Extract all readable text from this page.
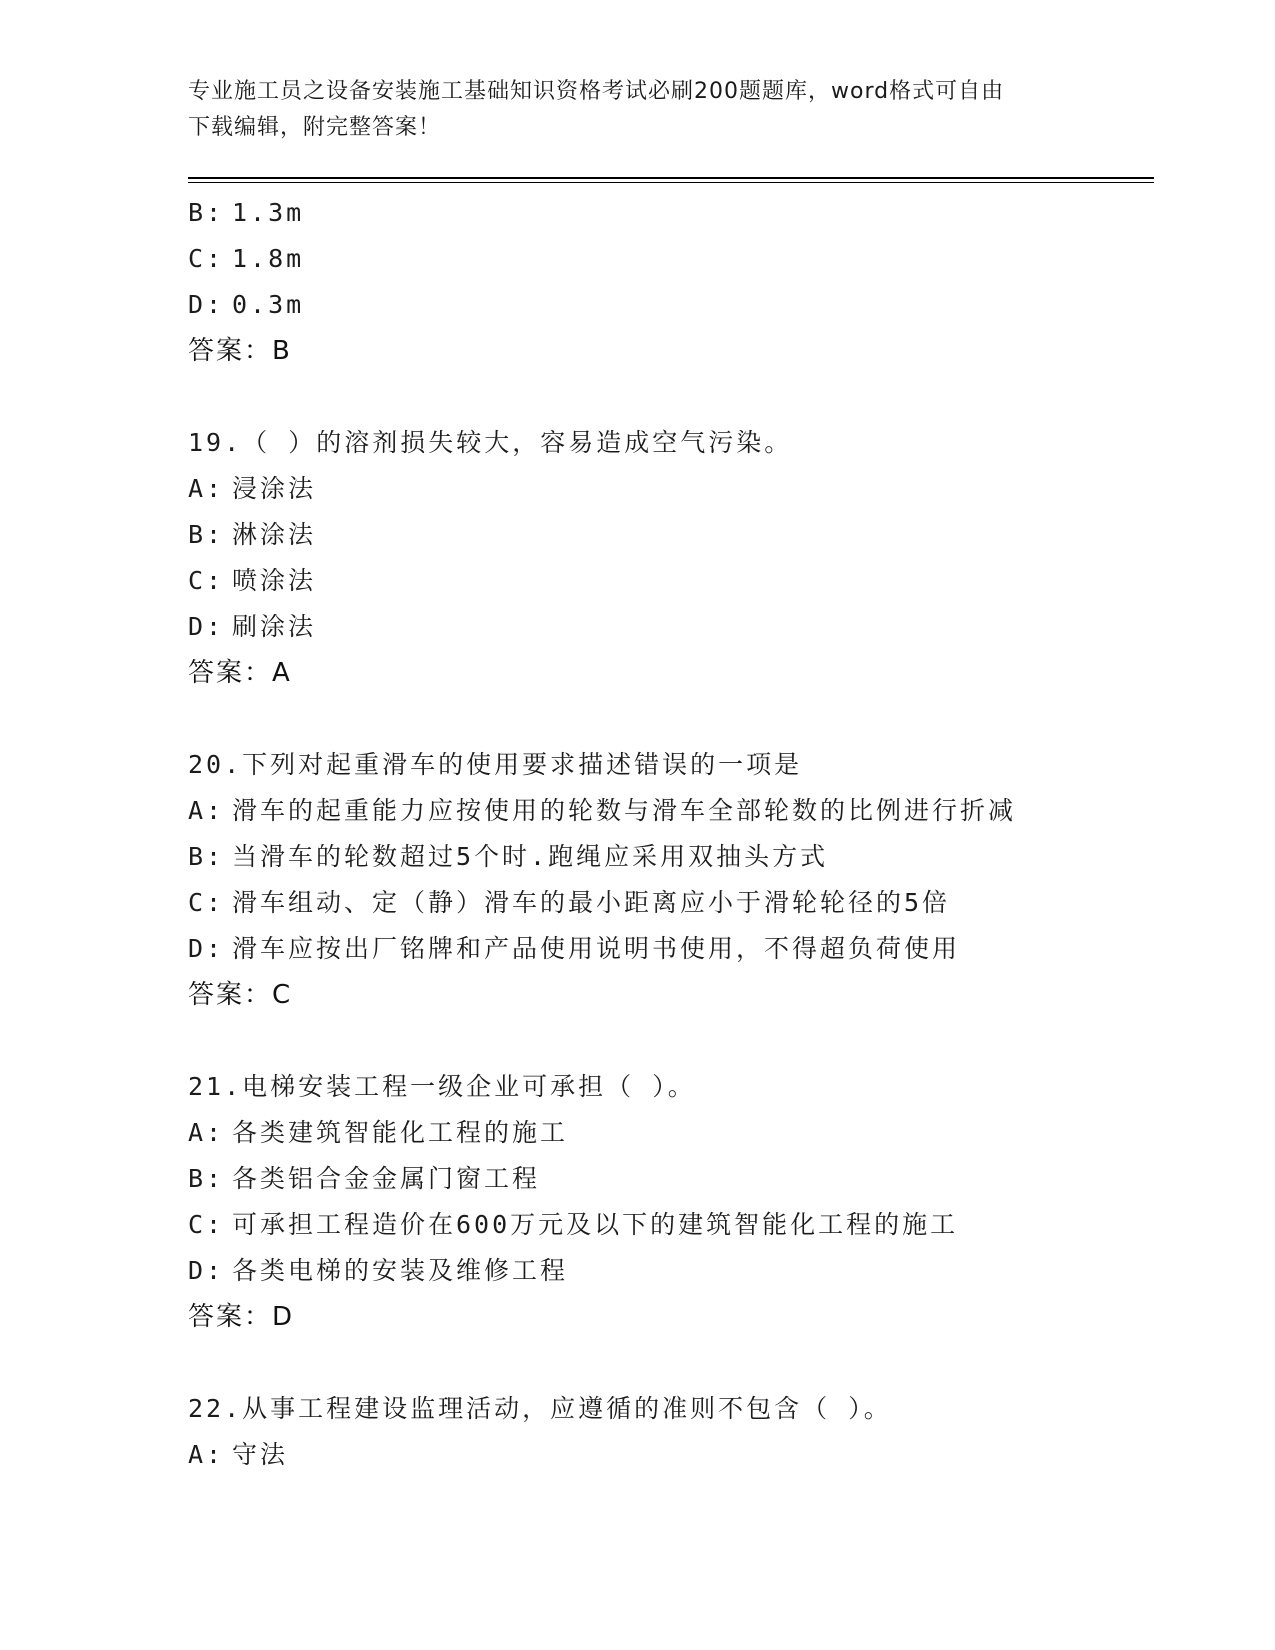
专业施工员之设备安装施工基础知识资格考试必刷200题题库，word格式可自由
下载编辑，附完整答案！
B: 1.3m
C: 1.8m
D: 0.3m
答案：B
19.（ ）的溶剂损失较大，容易造成空气污染。
A: 浸涂法
B: 淋涂法
C: 喷涂法
D: 刷涂法
答案：A
20.下列对起重滑车的使用要求描述错误的一项是
A: 滑车的起重能力应按使用的轮数与滑车全部轮数的比例进行折减
B: 当滑车的轮数超过5个时.跑绳应采用双抽头方式
C: 滑车组动、定（静）滑车的最小距离应小于滑轮轮径的5倍
D: 滑车应按出厂铭牌和产品使用说明书使用，不得超负荷使用
答案：C
21.电梯安装工程一级企业可承担（ ）。
A: 各类建筑智能化工程的施工
B: 各类铝合金金属门窗工程
C: 可承担工程造价在600万元及以下的建筑智能化工程的施工
D: 各类电梯的安装及维修工程
答案：D
22.从事工程建设监理活动，应遵循的准则不包含（ ）。
A: 守法
